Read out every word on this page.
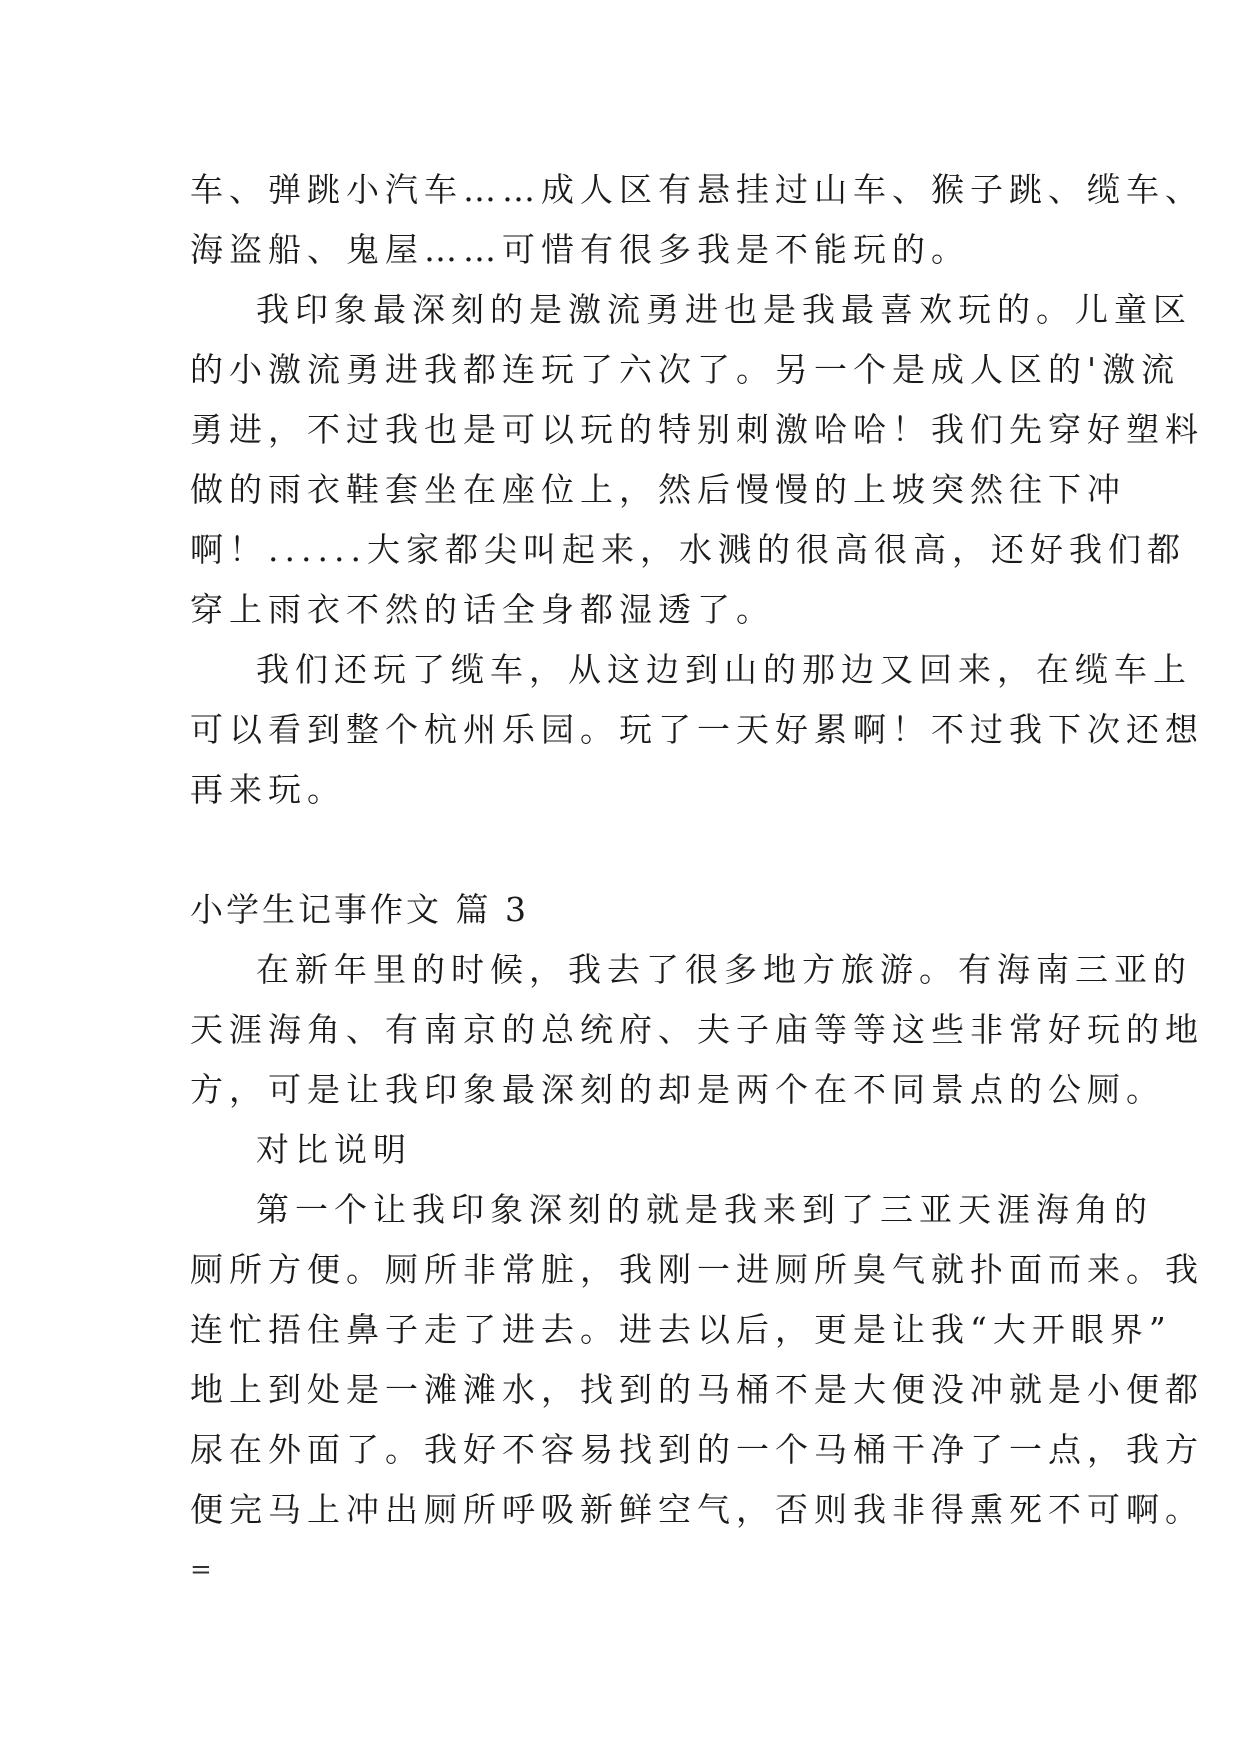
车、弹跳小汽车……成人区有悬挂过山车、猴子跳、缆车、
海盗船、鬼屋……可惜有很多我是不能玩的。
我印象最深刻的是激流勇进也是我最喜欢玩的。儿童区
的小激流勇进我都连玩了六次了。另一个是成人区的'激流
勇进，不过我也是可以玩的特别刺激哈哈！我们先穿好塑料
做的雨衣鞋套坐在座位上，然后慢慢的上坡突然往下冲
啊！......大家都尖叫起来，水溅的很高很高，还好我们都
穿上雨衣不然的话全身都湿透了。
我们还玩了缆车，从这边到山的那边又回来，在缆车上
可以看到整个杭州乐园。玩了一天好累啊！不过我下次还想
再来玩。
小学生记事作文 篇 3
在新年里的时候，我去了很多地方旅游。有海南三亚的
天涯海角、有南京的总统府、夫子庙等等这些非常好玩的地
方，可是让我印象最深刻的却是两个在不同景点的公厕。
对比说明
第一个让我印象深刻的就是我来到了三亚天涯海角的
厕所方便。厕所非常脏，我刚一进厕所臭气就扑面而来。我
连忙捂住鼻子走了进去。进去以后，更是让我“大开眼界”
地上到处是一滩滩水，找到的马桶不是大便没冲就是小便都
尿在外面了。我好不容易找到的一个马桶干净了一点，我方
便完马上冲出厕所呼吸新鲜空气，否则我非得熏死不可啊。
=
